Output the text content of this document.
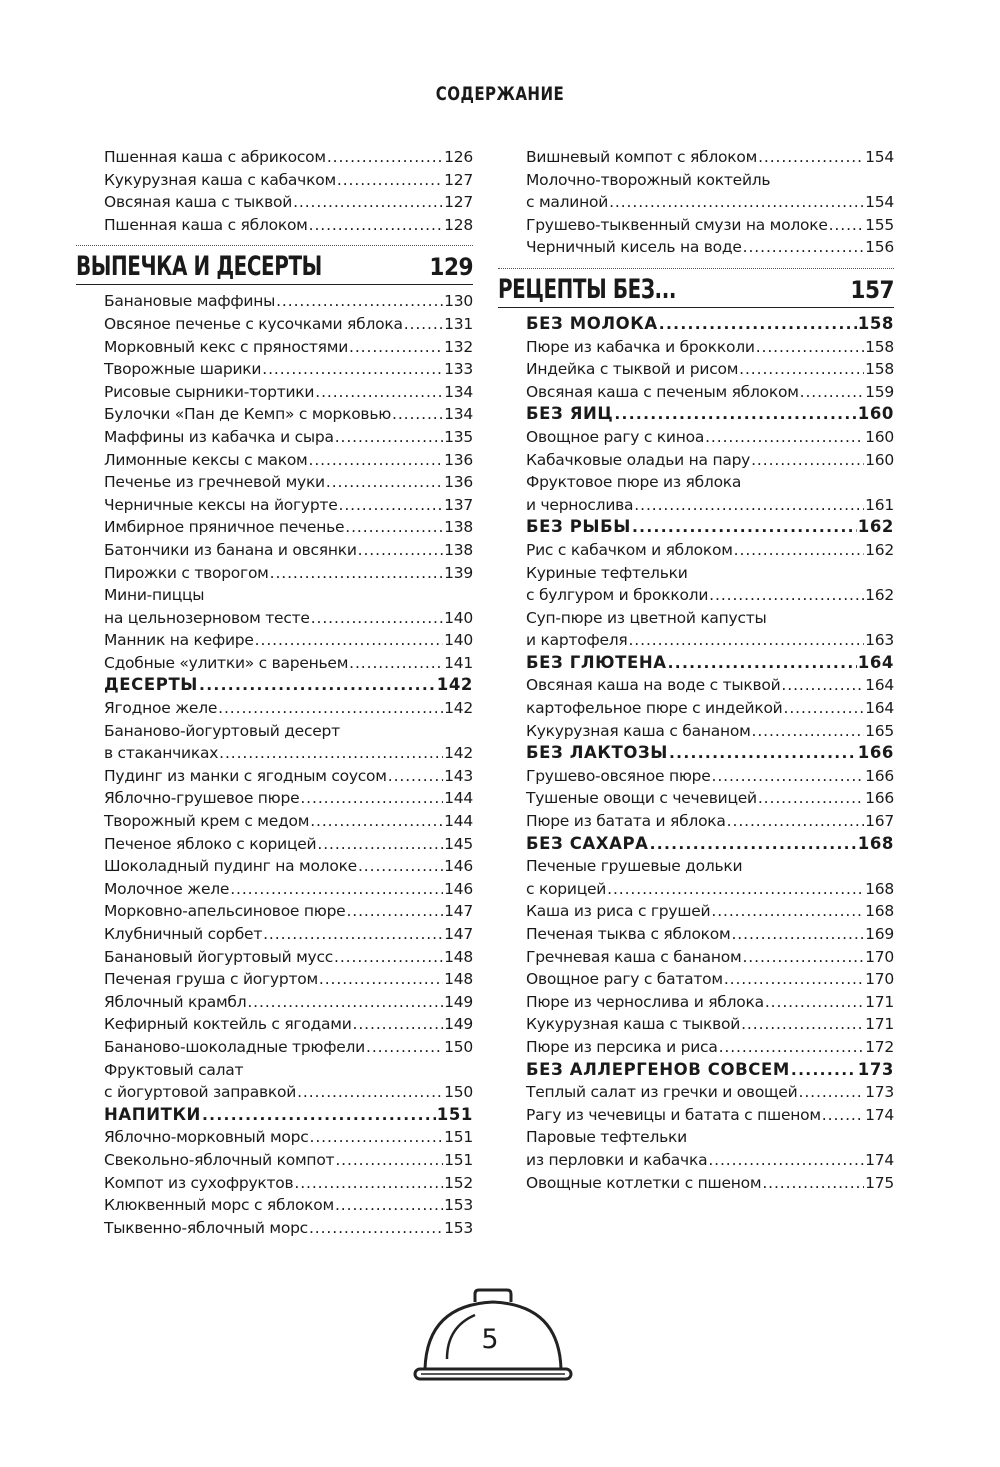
СОДЕРЖАНИЕ
Пшенная каша с абрикосом .....	126
Кукурузная каша с кабачком .....	127
Овсяная каша с тыквой .....	127
Пшенная каша с яблоком .....	128
ВЫПЕЧКА И ДЕСЕРТЫ	129
Банановые маффины .....	130
Овсяное печенье с кусочками яблока .....	131
Морковный кекс с пряностями .....	132
Творожные шарики .....	133
Рисовые сырники-тортики .....	134
Булочки «Пан де Кемп» с морковью .....	134
Маффины из кабачка и сыра .....	135
Лимонные кексы с маком .....	136
Печенье из гречневой муки .....	136
Черничные кексы на йогурте .....	137
Имбирное пряничное печенье .....	138
Батончики из банана и овсянки .....	138
Пирожки с творогом .....	139
Мини-пиццы
на цельнозерновом тесте .....	140
Манник на кефире .....	140
Сдобные «улитки» с вареньем .....	141
ДЕСЕРТЫ .....	142
Ягодное желе .....	142
Бананово-йогуртовый десерт
в стаканчиках .....	142
Пудинг из манки с ягодным соусом .....	143
Яблочно-грушевое пюре .....	144
Творожный крем с медом .....	144
Печеное яблоко с корицей .....	145
Шоколадный пудинг на молоке .....	146
Молочное желе .....	146
Морковно-апельсиновое пюре .....	147
Клубничный сорбет .....	147
Банановый йогуртовый мусс .....	148
Печеная груша с йогуртом .....	148
Яблочный крамбл .....	149
Кефирный коктейль с ягодами .....	149
Бананово-шоколадные трюфели .....	150
Фруктовый салат
с йогуртовой заправкой .....	150
НАПИТКИ .....	151
Яблочно-морковный морс .....	151
Свекольно-яблочный компот .....	151
Компот из сухофруктов .....	152
Клюквенный морс с яблоком .....	153
Тыквенно-яблочный морс .....	153
Вишневый компот с яблоком .....	154
Молочно-творожный коктейль
с малиной .....	154
Грушево-тыквенный смузи на молоке ..... 155
Черничный кисель на воде .....	156
РЕЦЕПТЫ БЕЗ...	157
БЕЗ МОЛОКА .....	158
Пюре из кабачка и брокколи .....	158
Индейка с тыквой и рисом .....	158
Овсяная каша с печеным яблоком .....	159
БЕЗ ЯИЦ .....	160
Овощное рагу с киноа .....	160
Кабачковые оладьи на пару .....	160
Фруктовое пюре из яблока
и чернослива .....	161
БЕЗ РЫБЫ .....	162
Рис с кабачком и яблоком .....	162
Куриные тефтельки
с булгуром и брокколи .....	162
Суп-пюре из цветной капусты
и картофеля .....	163
БЕЗ ГЛЮТЕНА .....	164
Овсяная каша на воде с тыквой .....	164
картофельное пюре с индейкой .....	164
Кукурузная каша с бананом .....	165
БЕЗ ЛАКТОЗЫ .....	166
Грушево-овсяное пюре .....	166
Тушеные овощи с чечевицей .....	166
Пюре из батата и яблока .....	167
БЕЗ САХАРА .....	168
Печеные грушевые дольки
с корицей .....	168
Каша из риса с грушей .....	168
Печеная тыква с яблоком .....	169
Гречневая каша с бананом .....	170
Овощное рагу с бататом .....	170
Пюре из чернослива и яблока .....	171
Кукурузная каша с тыквой .....	171
Пюре из персика и риса .....	172
БЕЗ АЛЛЕРГЕНОВ СОВСЕМ .....	173
Теплый салат из гречки и овощей .....	173
Рагу из чечевицы и батата с пшеном .....	174
Паровые тефтельки
из перловки и кабачка .....	174
Овощные котлетки с пшеном .....	175
5
